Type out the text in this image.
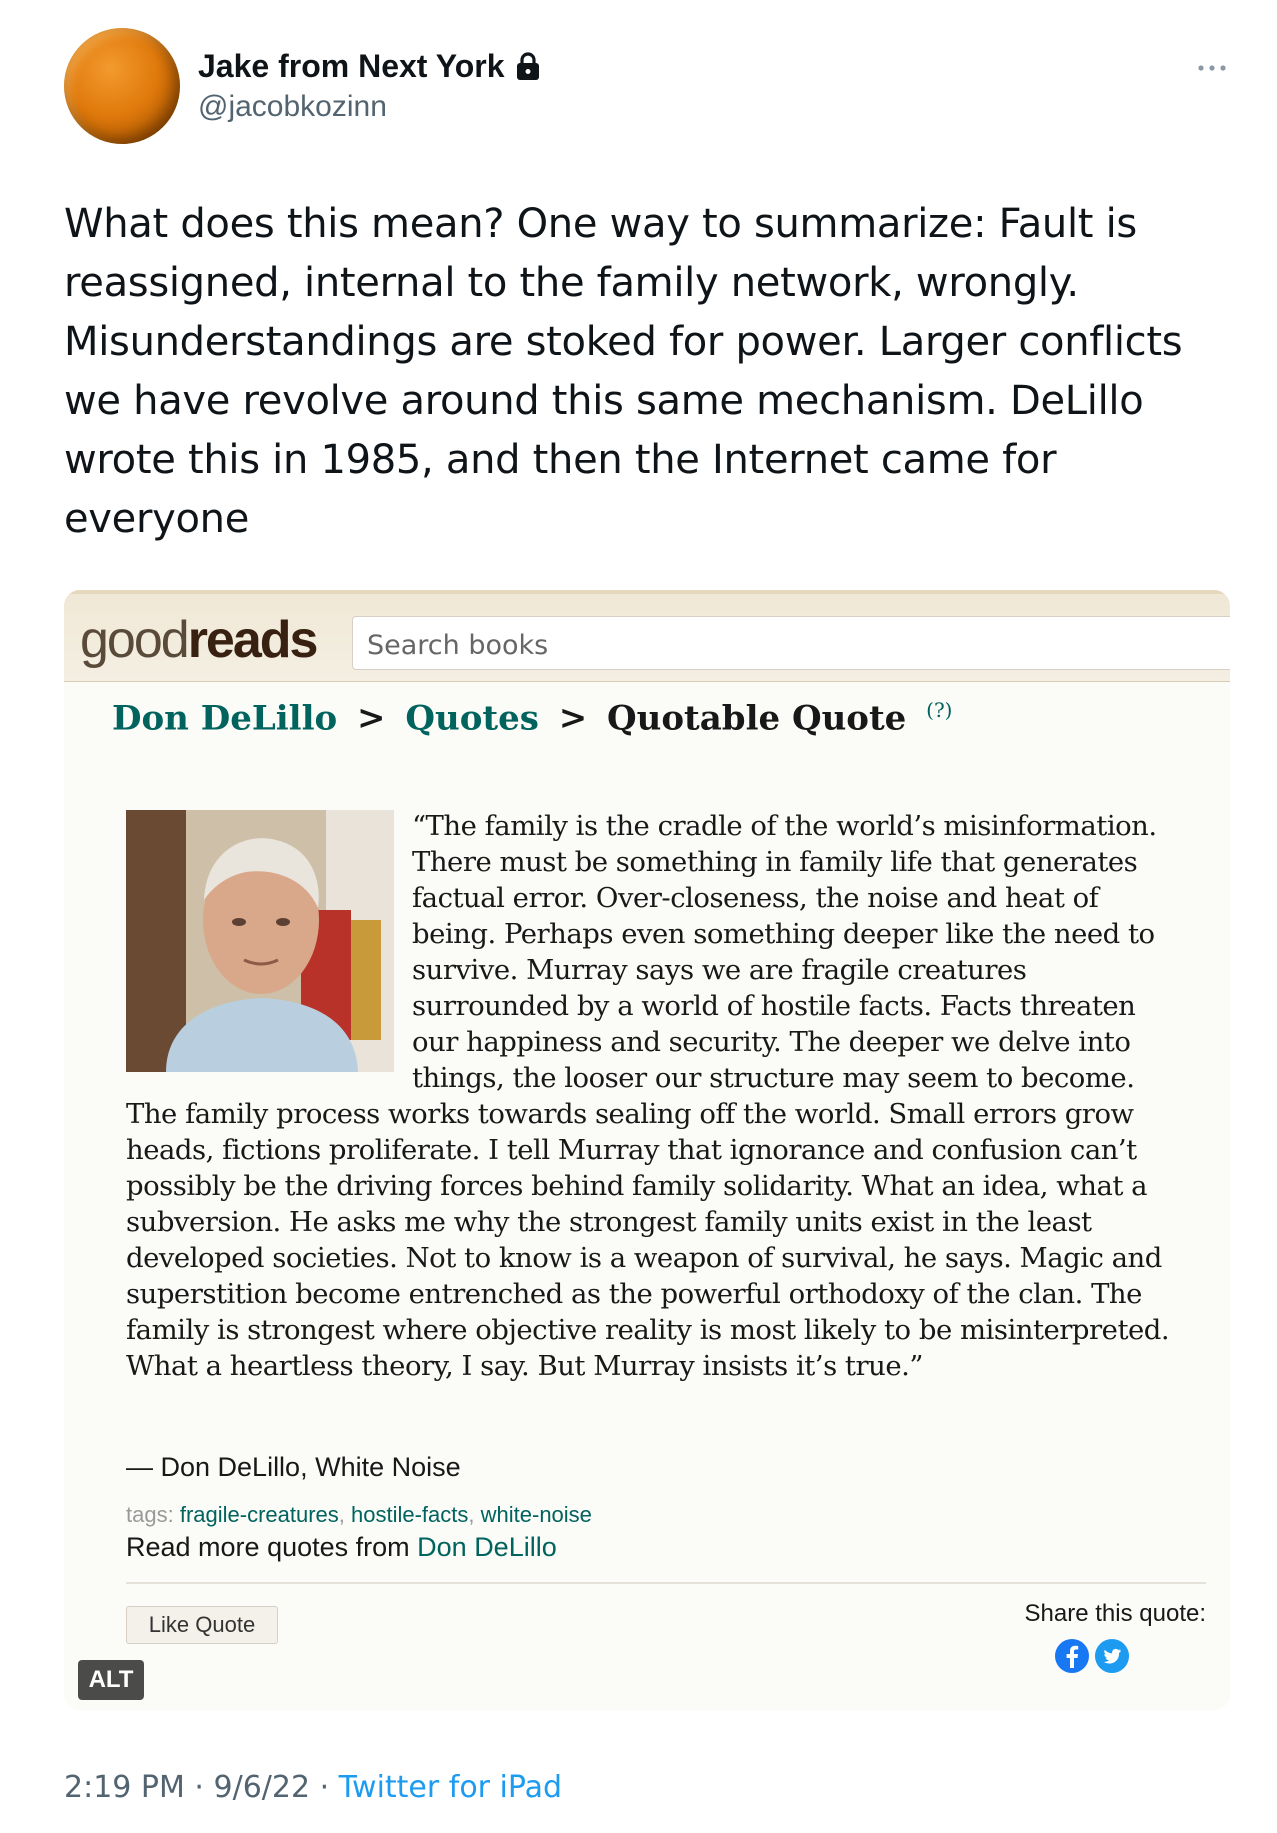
Jake from Next York
@jacobkozinn
What does this mean? One way to summarize: Fault is reassigned, internal to the family network, wrongly. Misunderstandings are stoked for power. Larger conflicts we have revolve around this same mechanism. DeLillo wrote this in 1985, and then the Internet came for everyone
goodreads	Search books
Don DeLillo > Quotes > Quotable Quote (?)
“The family is the cradle of the world’s misinformation. There must be something in family life that generates factual error. Over-closeness, the noise and heat of being. Perhaps even something deeper like the need to survive. Murray says we are fragile creatures surrounded by a world of hostile facts. Facts threaten our happiness and security. The deeper we delve into things, the looser our structure may seem to become. The family process works towards sealing off the world. Small errors grow heads, fictions proliferate. I tell Murray that ignorance and confusion can’t possibly be the driving forces behind family solidarity. What an idea, what a subversion. He asks me why the strongest family units exist in the least developed societies. Not to know is a weapon of survival, he says. Magic and superstition become entrenched as the powerful orthodoxy of the clan. The family is strongest where objective reality is most likely to be misinterpreted. What a heartless theory, I say. But Murray insists it’s true.”
― Don DeLillo, White Noise
tags: fragile-creatures, hostile-facts, white-noise
Read more quotes from Don DeLillo
Like Quote	Share this quote:
ALT
2:19 PM · 9/6/22 · Twitter for iPad
